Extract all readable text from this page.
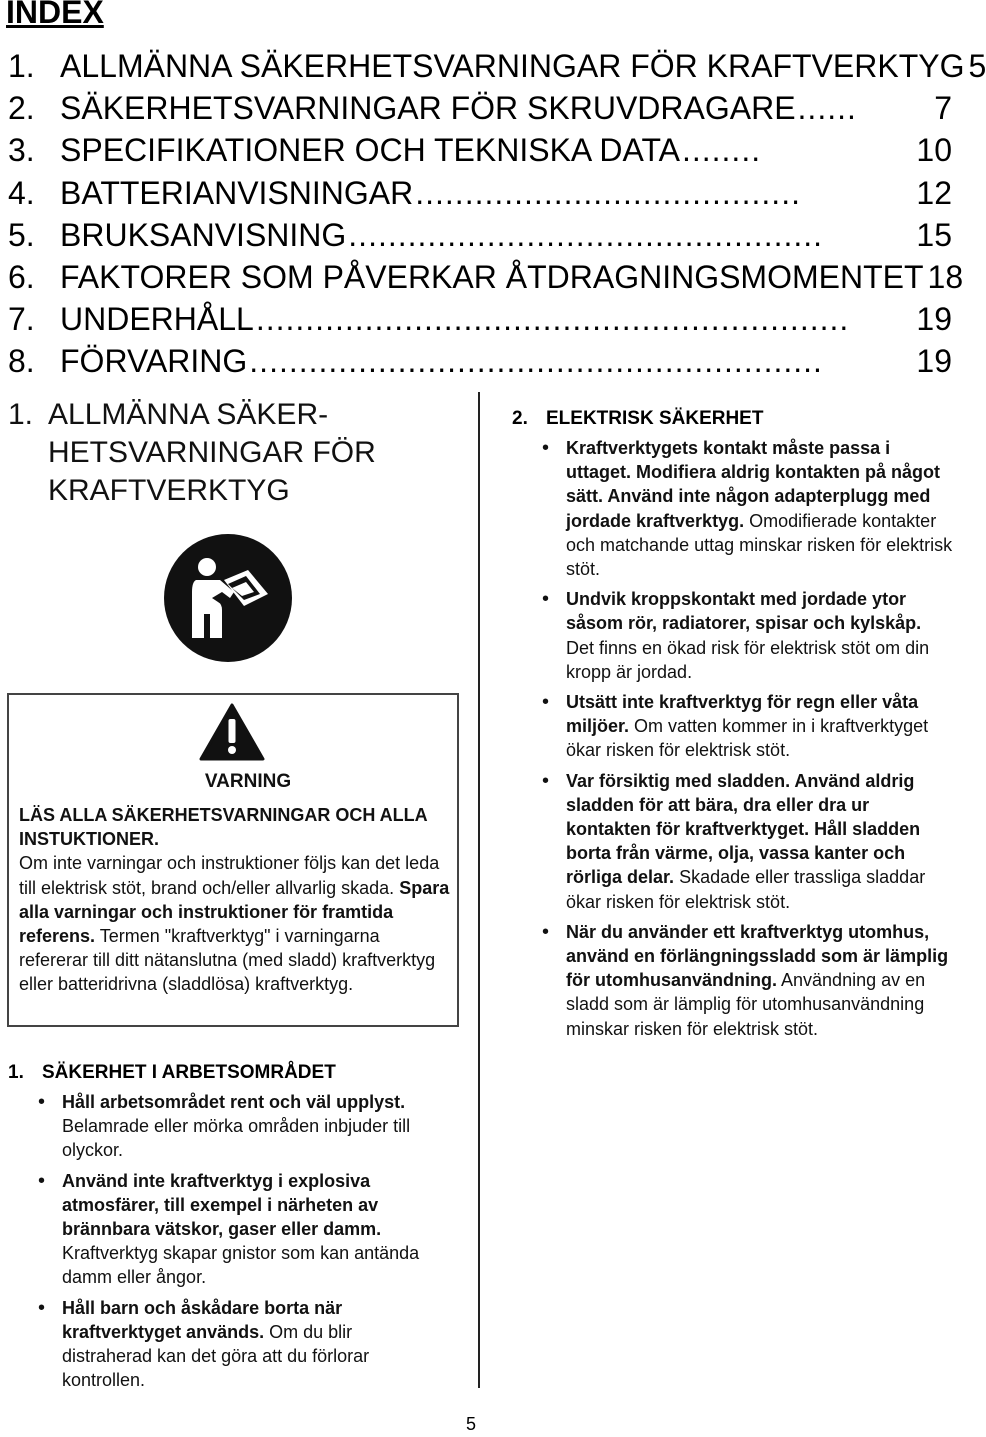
INDEX
1. ALLMÄNNA SÄKERHETSVARNINGAR FÖR KRAFTVERKTYG 5
2. SÄKERHETSVARNINGAR FÖR SKRUVDRAGARE ......	7
3. SPECIFIKATIONER OCH TEKNISKA DATA ........	10
4. BATTERIANVISNINGAR .......................................	12
5. BRUKSANVISNING ................................................	15
6. FAKTORER SOM PÅVERKAR ÅTDRAGNINGSMOMENTET 18
7. UNDERHÅLL ............................................................	19
8. FÖRVARING ..........................................................	19
1. ALLMÄNNA SÄKER-
HETSVARNINGAR FÖR
KRAFTVERKTYG
VARNING
LÄS ALLA SÄKERHETSVARNINGAR OCH ALLA INSTUKTIONER.
Om inte varningar och instruktioner följs kan det leda till elektrisk stöt, brand och/eller allvarlig skada. Spara alla varningar och instruktioner för framtida referens. Termen "kraftverktyg" i varningarna refererar till ditt nätanslutna (med sladd) kraftverktyg eller batteridrivna (sladdlösa) kraftverktyg.
1. SÄKERHET I ARBETSOMRÅDET
• Håll arbetsområdet rent och väl upplyst. Belamrade eller mörka områden inbjuder till olyckor.
• Använd inte kraftverktyg i explosiva atmosfärer, till exempel i närheten av brännbara vätskor, gaser eller damm. Kraftverktyg skapar gnistor som kan antända damm eller ångor.
• Håll barn och åskådare borta när kraftverktyget används. Om du blir distraherad kan det göra att du förlorar kontrollen.
2. ELEKTRISK SÄKERHET
• Kraftverktygets kontakt måste passa i uttaget. Modifiera aldrig kontakten på något sätt. Använd inte någon adapterplugg med jordade kraftverktyg. Omodifierade kontakter och matchande uttag minskar risken för elektrisk stöt.
• Undvik kroppskontakt med jordade ytor såsom rör, radiatorer, spisar och kylskåp. Det finns en ökad risk för elektrisk stöt om din kropp är jordad.
• Utsätt inte kraftverktyg för regn eller våta miljöer. Om vatten kommer in i kraftverktyget ökar risken för elektrisk stöt.
• Var försiktig med sladden. Använd aldrig sladden för att bära, dra eller dra ur kontakten för kraftverktyget. Håll sladden borta från värme, olja, vassa kanter och rörliga delar. Skadade eller trassliga sladdar ökar risken för elektrisk stöt.
• När du använder ett kraftverktyg utomhus, använd en förlängningssladd som är lämplig för utomhusanvändning. Användning av en sladd som är lämplig för utomhusanvändning minskar risken för elektrisk stöt.
5
